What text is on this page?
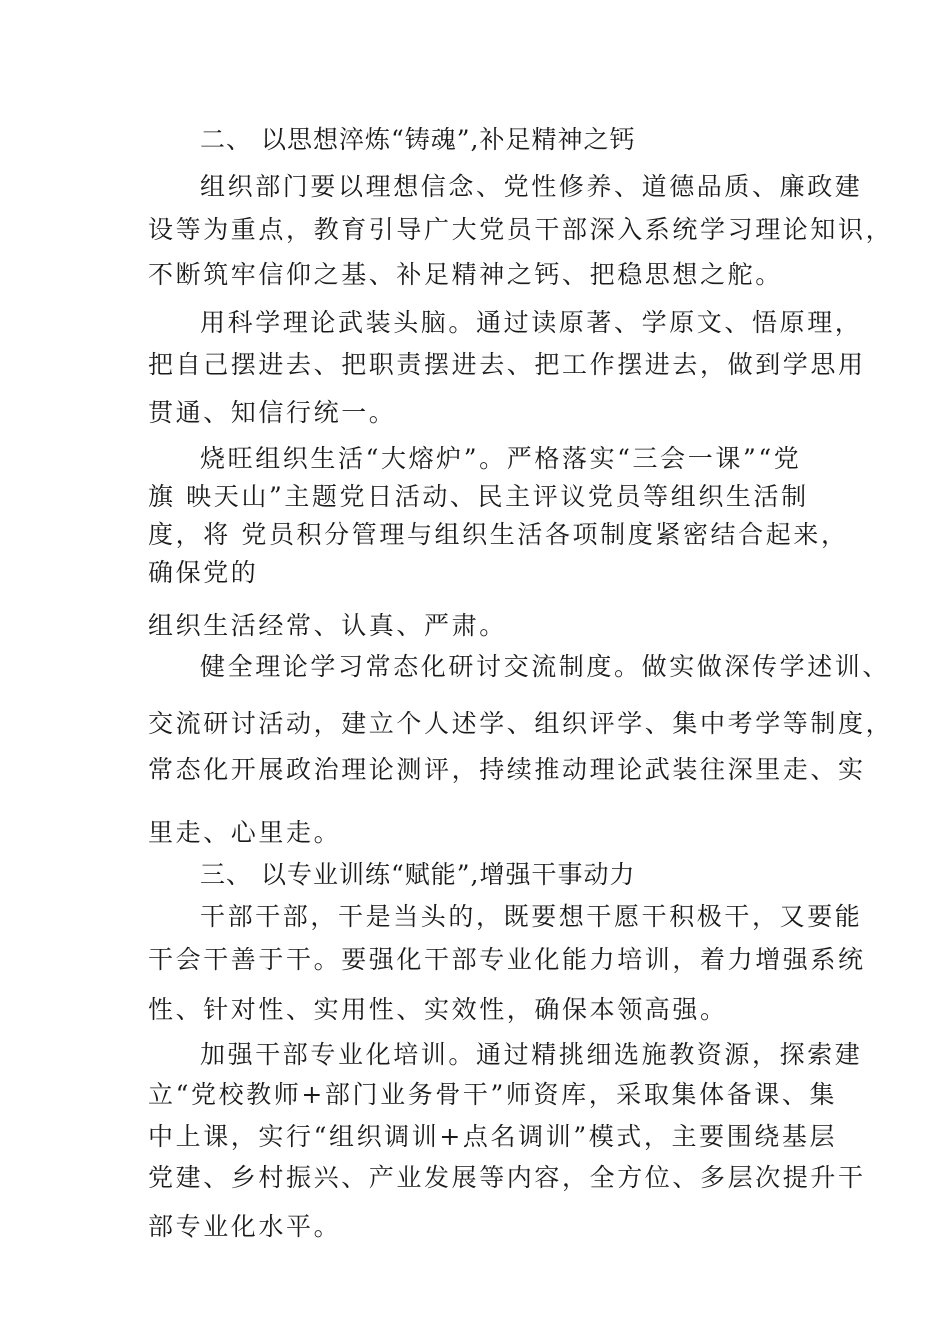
二、 以思想淬炼“铸魂”,补足精神之钙
组织部门要以理想信念、党性修养、道德品质、廉政建
设等为重点，教育引导广大党员干部深入系统学习理论知识，
不断筑牢信仰之基、补足精神之钙、把稳思想之舵。
用科学理论武装头脑。通过读原著、学原文、悟原理，
把自己摆进去、把职责摆进去、把工作摆进去，做到学思用
贯通、知信行统一。
烧旺组织生活“大熔炉”。严格落实“三会一课”“党
旗 映天山”主题党日活动、民主评议党员等组织生活制
度，将 党员积分管理与组织生活各项制度紧密结合起来，
确保党的
组织生活经常、认真、严肃。
健全理论学习常态化研讨交流制度。做实做深传学述训、
交流研讨活动，建立个人述学、组织评学、集中考学等制度，
常态化开展政治理论测评，持续推动理论武装往深里走、实
里走、心里走。
三、 以专业训练“赋能”,增强干事动力
干部干部，干是当头的，既要想干愿干积极干，又要能
干会干善于干。要强化干部专业化能力培训，着力增强系统
性、针对性、实用性、实效性，确保本领高强。
加强干部专业化培训。通过精挑细选施教资源，探索建
立“党校教师+部门业务骨干”师资库，采取集体备课、集
中上课，实行“组织调训+点名调训”模式，主要围绕基层
党建、乡村振兴、产业发展等内容，全方位、多层次提升干
部专业化水平。
